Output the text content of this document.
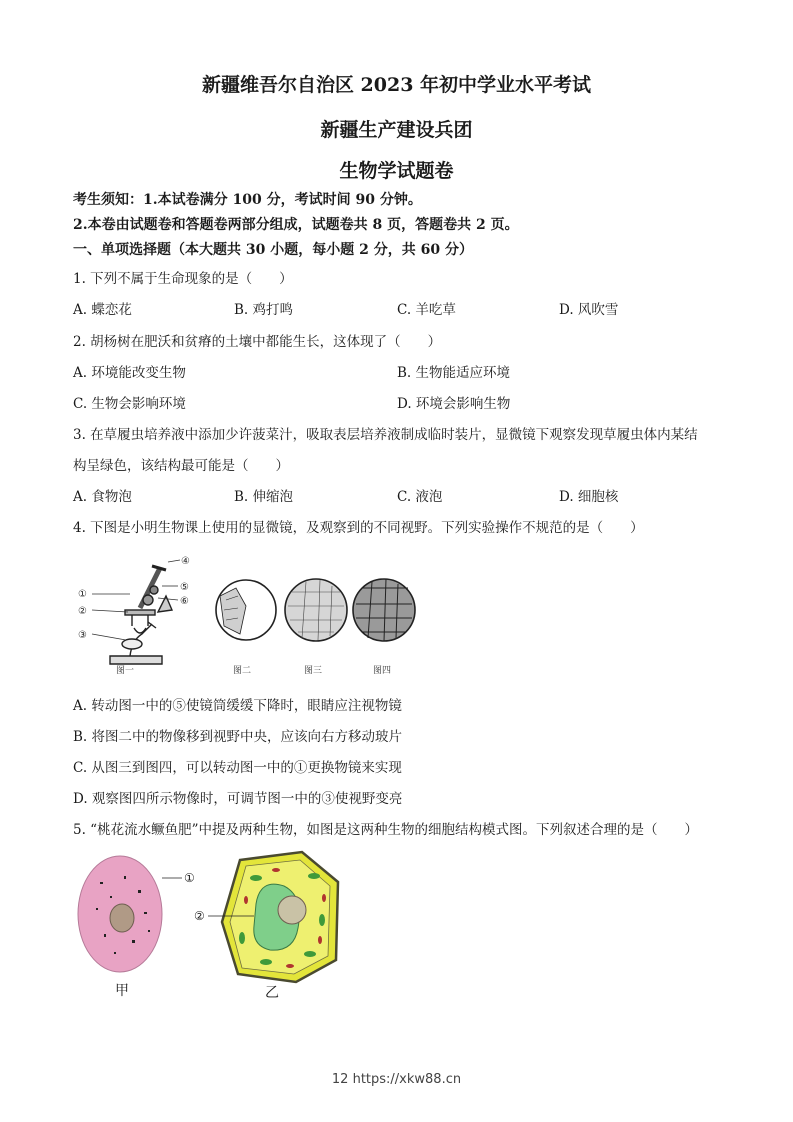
新疆维吾尔自治区 2023 年初中学业水平考试
新疆生产建设兵团
生物学试题卷
考生须知：1.本试卷满分 100 分，考试时间 90 分钟。
2.本卷由试题卷和答题卷两部分组成，试题卷共 8 页，答题卷共 2 页。
一、单项选择题（本大题共 30 小题，每小题 2 分，共 60 分）
1. 下列不属于生命现象的是（　　）
A. 蝶恋花	B. 鸡打鸣	C. 羊吃草	D. 风吹雪
2. 胡杨树在肥沃和贫瘠的土壤中都能生长，这体现了（　　）
A. 环境能改变生物	B. 生物能适应环境
C. 生物会影响环境	D. 环境会影响生物
3. 在草履虫培养液中添加少许菠菜汁，吸取表层培养液制成临时装片，显微镜下观察发现草履虫体内某结
构呈绿色，该结构最可能是（　　）
A. 食物泡	B. 伸缩泡	C. 液泡	D. 细胞核
4. 下图是小明生物课上使用的显微镜，及观察到的不同视野。下列实验操作不规范的是（　　）
①
②
③
④
⑤
⑥
图一	图二	图三	图四
A. 转动图一中的⑤使镜筒缓缓下降时，眼睛应注视物镜
B. 将图二中的物像移到视野中央，应该向右方移动玻片
C. 从图三到图四，可以转动图一中的①更换物镜来实现
D. 观察图四所示物像时，可调节图一中的③使视野变亮
5. “桃花流水鳜鱼肥”中提及两种生物，如图是这两种生物的细胞结构模式图。下列叙述合理的是（　　）
①
②
甲	乙
12 https://xkw88.cn
